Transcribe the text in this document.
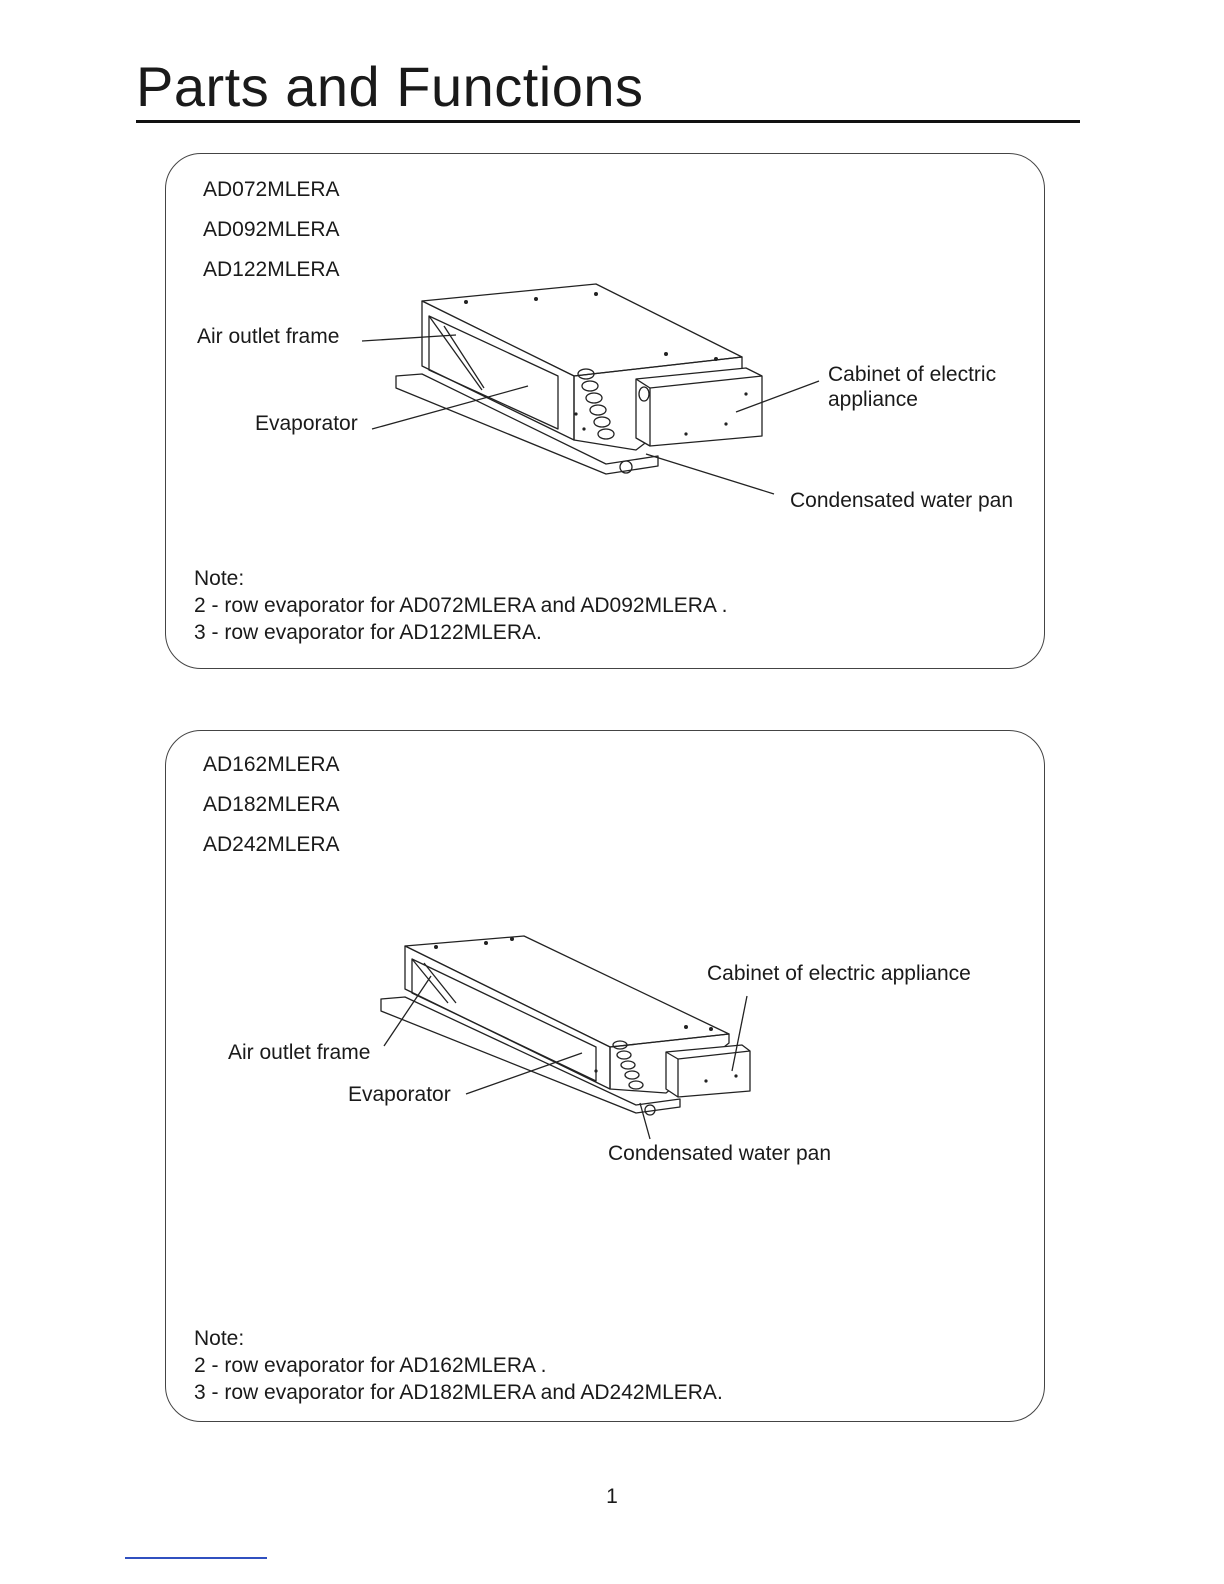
Parts and Functions
AD072MLERA
AD092MLERA
AD122MLERA
Air outlet frame
Evaporator
Cabinet of electric
appliance
Condensated water pan
Note:
2 - row evaporator for AD072MLERA and AD092MLERA .
3 - row evaporator for AD122MLERA.
AD162MLERA
AD182MLERA
AD242MLERA
Cabinet of electric appliance
Air outlet frame
Evaporator
Condensated water pan
Note:
2 - row evaporator for AD162MLERA .
3 - row evaporator for AD182MLERA and AD242MLERA.
1
